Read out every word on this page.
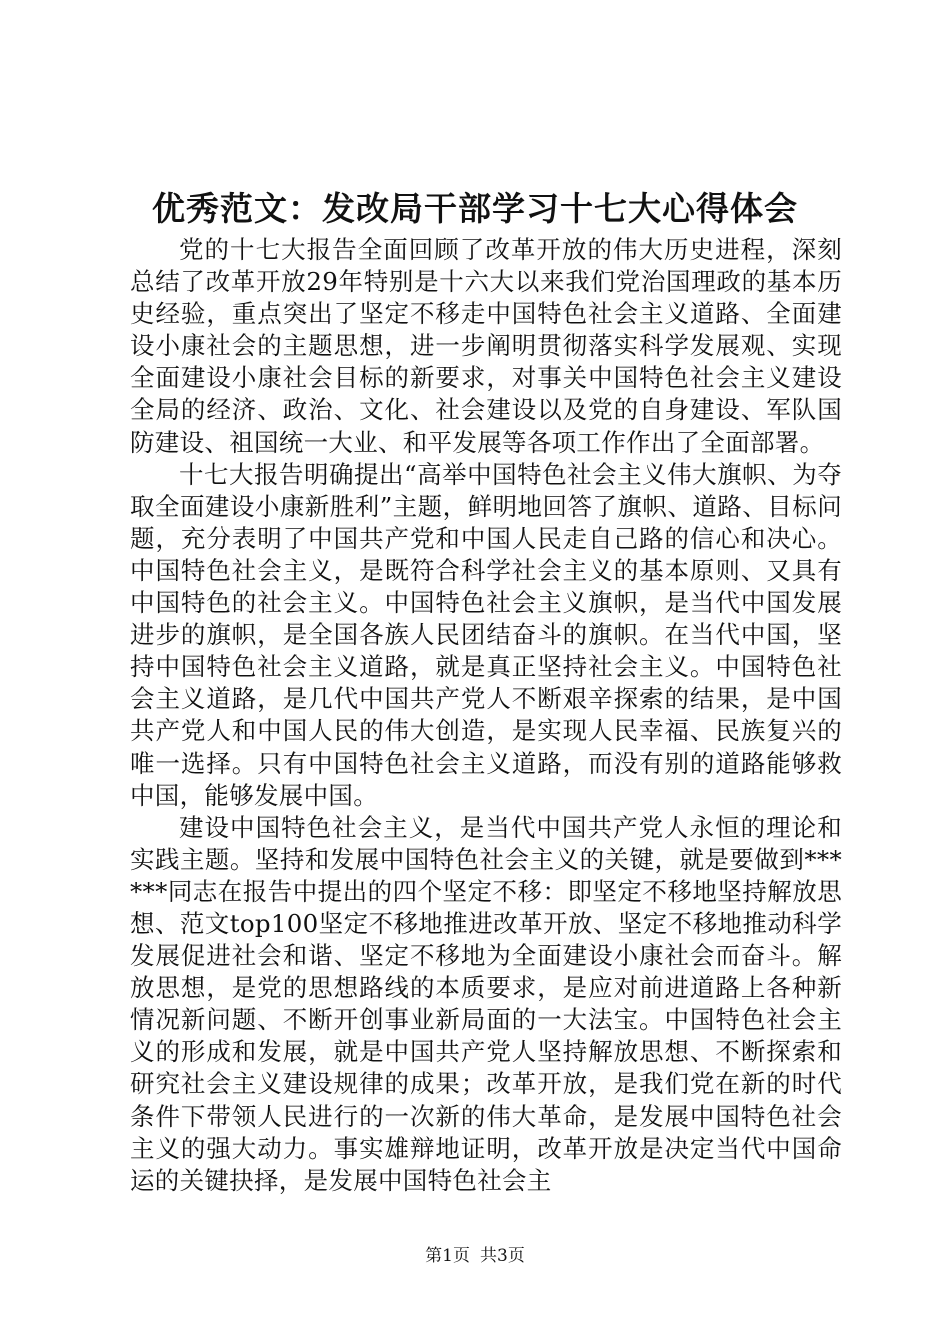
优秀范文：发改局干部学习十七大心得体会

党的十七大报告全面回顾了改革开放的伟大历史进程，深刻总结了改革开放29年特别是十六大以来我们党治国理政的基本历史经验，重点突出了坚定不移走中国特色社会主义道路、全面建设小康社会的主题思想，进一步阐明贯彻落实科学发展观、实现全面建设小康社会目标的新要求，对事关中国特色社会主义建设全局的经济、政治、文化、社会建设以及党的自身建设、军队国防建设、祖国统一大业、和平发展等各项工作作出了全面部署。

十七大报告明确提出“高举中国特色社会主义伟大旗帜、为夺取全面建设小康新胜利”主题，鲜明地回答了旗帜、道路、目标问题，充分表明了中国共产党和中国人民走自己路的信心和决心。中国特色社会主义，是既符合科学社会主义的基本原则、又具有中国特色的社会主义。中国特色社会主义旗帜，是当代中国发展进步的旗帜，是全国各族人民团结奋斗的旗帜。在当代中国，坚持中国特色社会主义道路，就是真正坚持社会主义。中国特色社会主义道路，是几代中国共产党人不断艰辛探索的结果，是中国共产党人和中国人民的伟大创造，是实现人民幸福、民族复兴的唯一选择。只有中国特色社会主义道路，而没有别的道路能够救中国，能够发展中国。

建设中国特色社会主义，是当代中国共产党人永恒的理论和实践主题。坚持和发展中国特色社会主义的关键，就是要做到******同志在报告中提出的四个坚定不移：即坚定不移地坚持解放思想、范文top100坚定不移地推进改革开放、坚定不移地推动科学发展促进社会和谐、坚定不移地为全面建设小康社会而奋斗。解放思想，是党的思想路线的本质要求，是应对前进道路上各种新情况新问题、不断开创事业新局面的一大法宝。中国特色社会主义的形成和发展，就是中国共产党人坚持解放思想、不断探索和研究社会主义建设规律的成果；改革开放，是我们党在新的时代条件下带领人民进行的一次新的伟大革命，是发展中国特色社会主义的强大动力。事实雄辩地证明，改革开放是决定当代中国命运的关键抉择，是发展中国特色社会主

第1页 共3页
